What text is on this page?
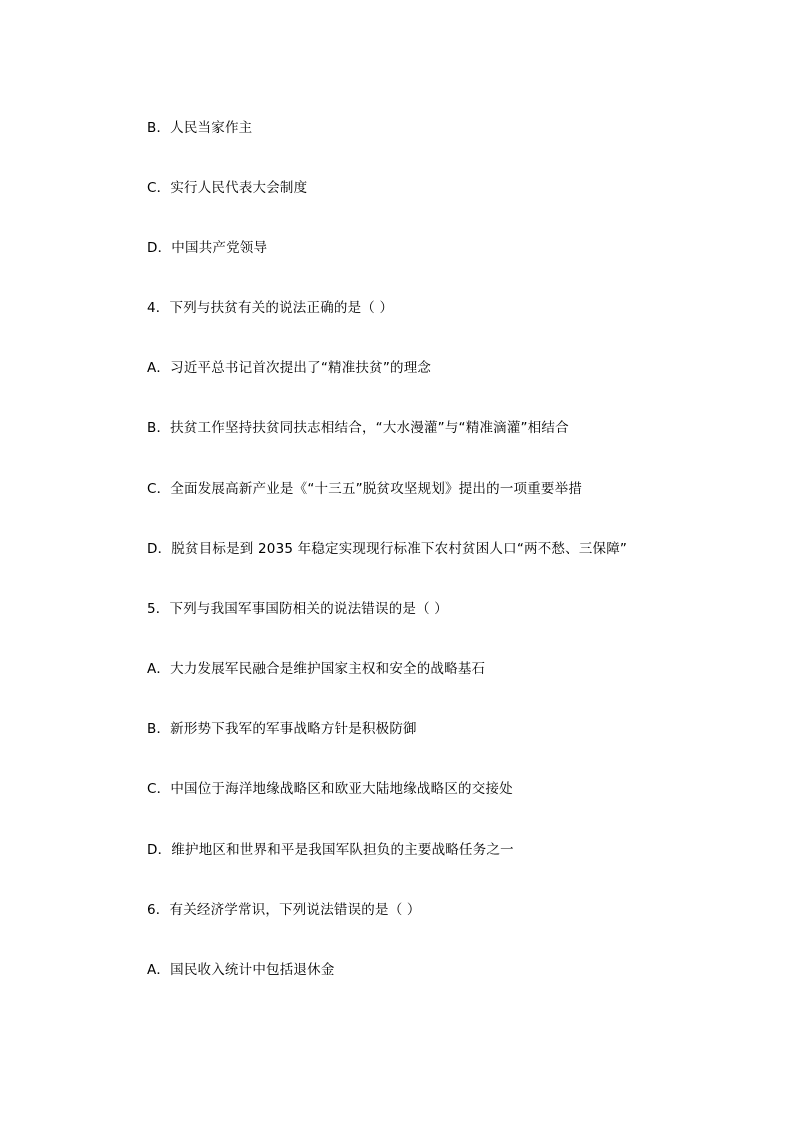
B．人民当家作主
C．实行人民代表大会制度
D．中国共产党领导
4．下列与扶贫有关的说法正确的是（ ）
A．习近平总书记首次提出了“精准扶贫”的理念
B．扶贫工作坚持扶贫同扶志相结合，“大水漫灌”与“精准滴灌”相结合
C．全面发展高新产业是《“十三五”脱贫攻坚规划》提出的一项重要举措
D．脱贫目标是到 2035 年稳定实现现行标准下农村贫困人口“两不愁、三保障”
5．下列与我国军事国防相关的说法错误的是（ ）
A．大力发展军民融合是维护国家主权和安全的战略基石
B．新形势下我军的军事战略方针是积极防御
C．中国位于海洋地缘战略区和欧亚大陆地缘战略区的交接处
D．维护地区和世界和平是我国军队担负的主要战略任务之一
6．有关经济学常识，下列说法错误的是（ ）
A．国民收入统计中包括退休金
